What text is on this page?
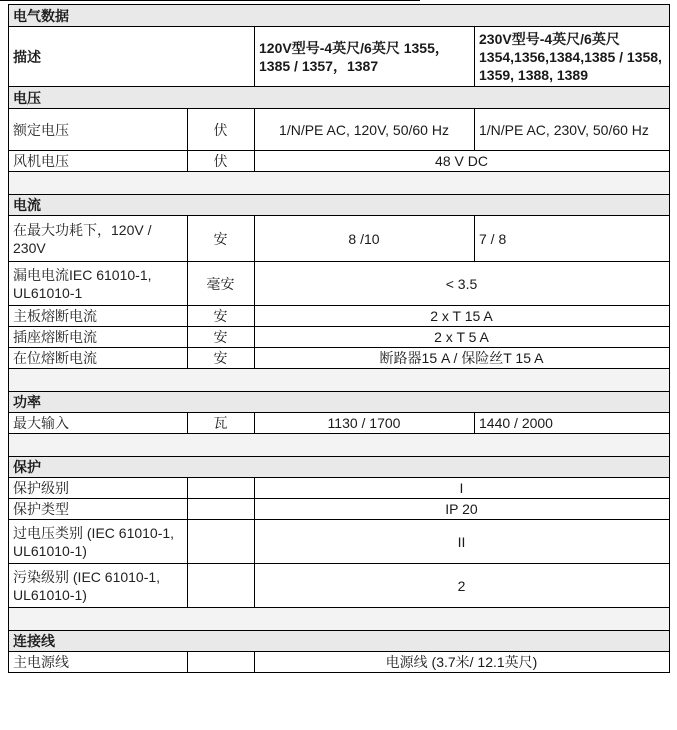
电气数据			
描述		120V型号-4英尺/6英尺 1355，1385 / 1357，1387	230V型号-4英尺/6英尺 1354,1356,1384,1385 / 1358, 1359, 1388, 1389
电压			
额定电压	伏	1/N/PE AC, 120V, 50/60 Hz	1/N/PE AC, 230V, 50/60 Hz
风机电压	伏	48 V DC	

电流			
在最大功耗下，120V / 230V	安	8 /10	7 / 8
漏电电流IEC 61010-1, UL61010-1	毫安	< 3.5	
主板熔断电流	安	2 x T 15 A	
插座熔断电流	安	2 x T 5 A	
在位熔断电流	安	断路器15 A / 保险丝T 15 A	

功率			
最大输入	瓦	1130 / 1700	1440 / 2000

保护			
保护级别		I	
保护类型		IP 20	
过电压类别 (IEC 61010-1, UL61010-1)		II	
污染级别 (IEC 61010-1, UL61010-1)		2	

连接线			
主电源线		电源线 (3.7米/ 12.1英尺)	
